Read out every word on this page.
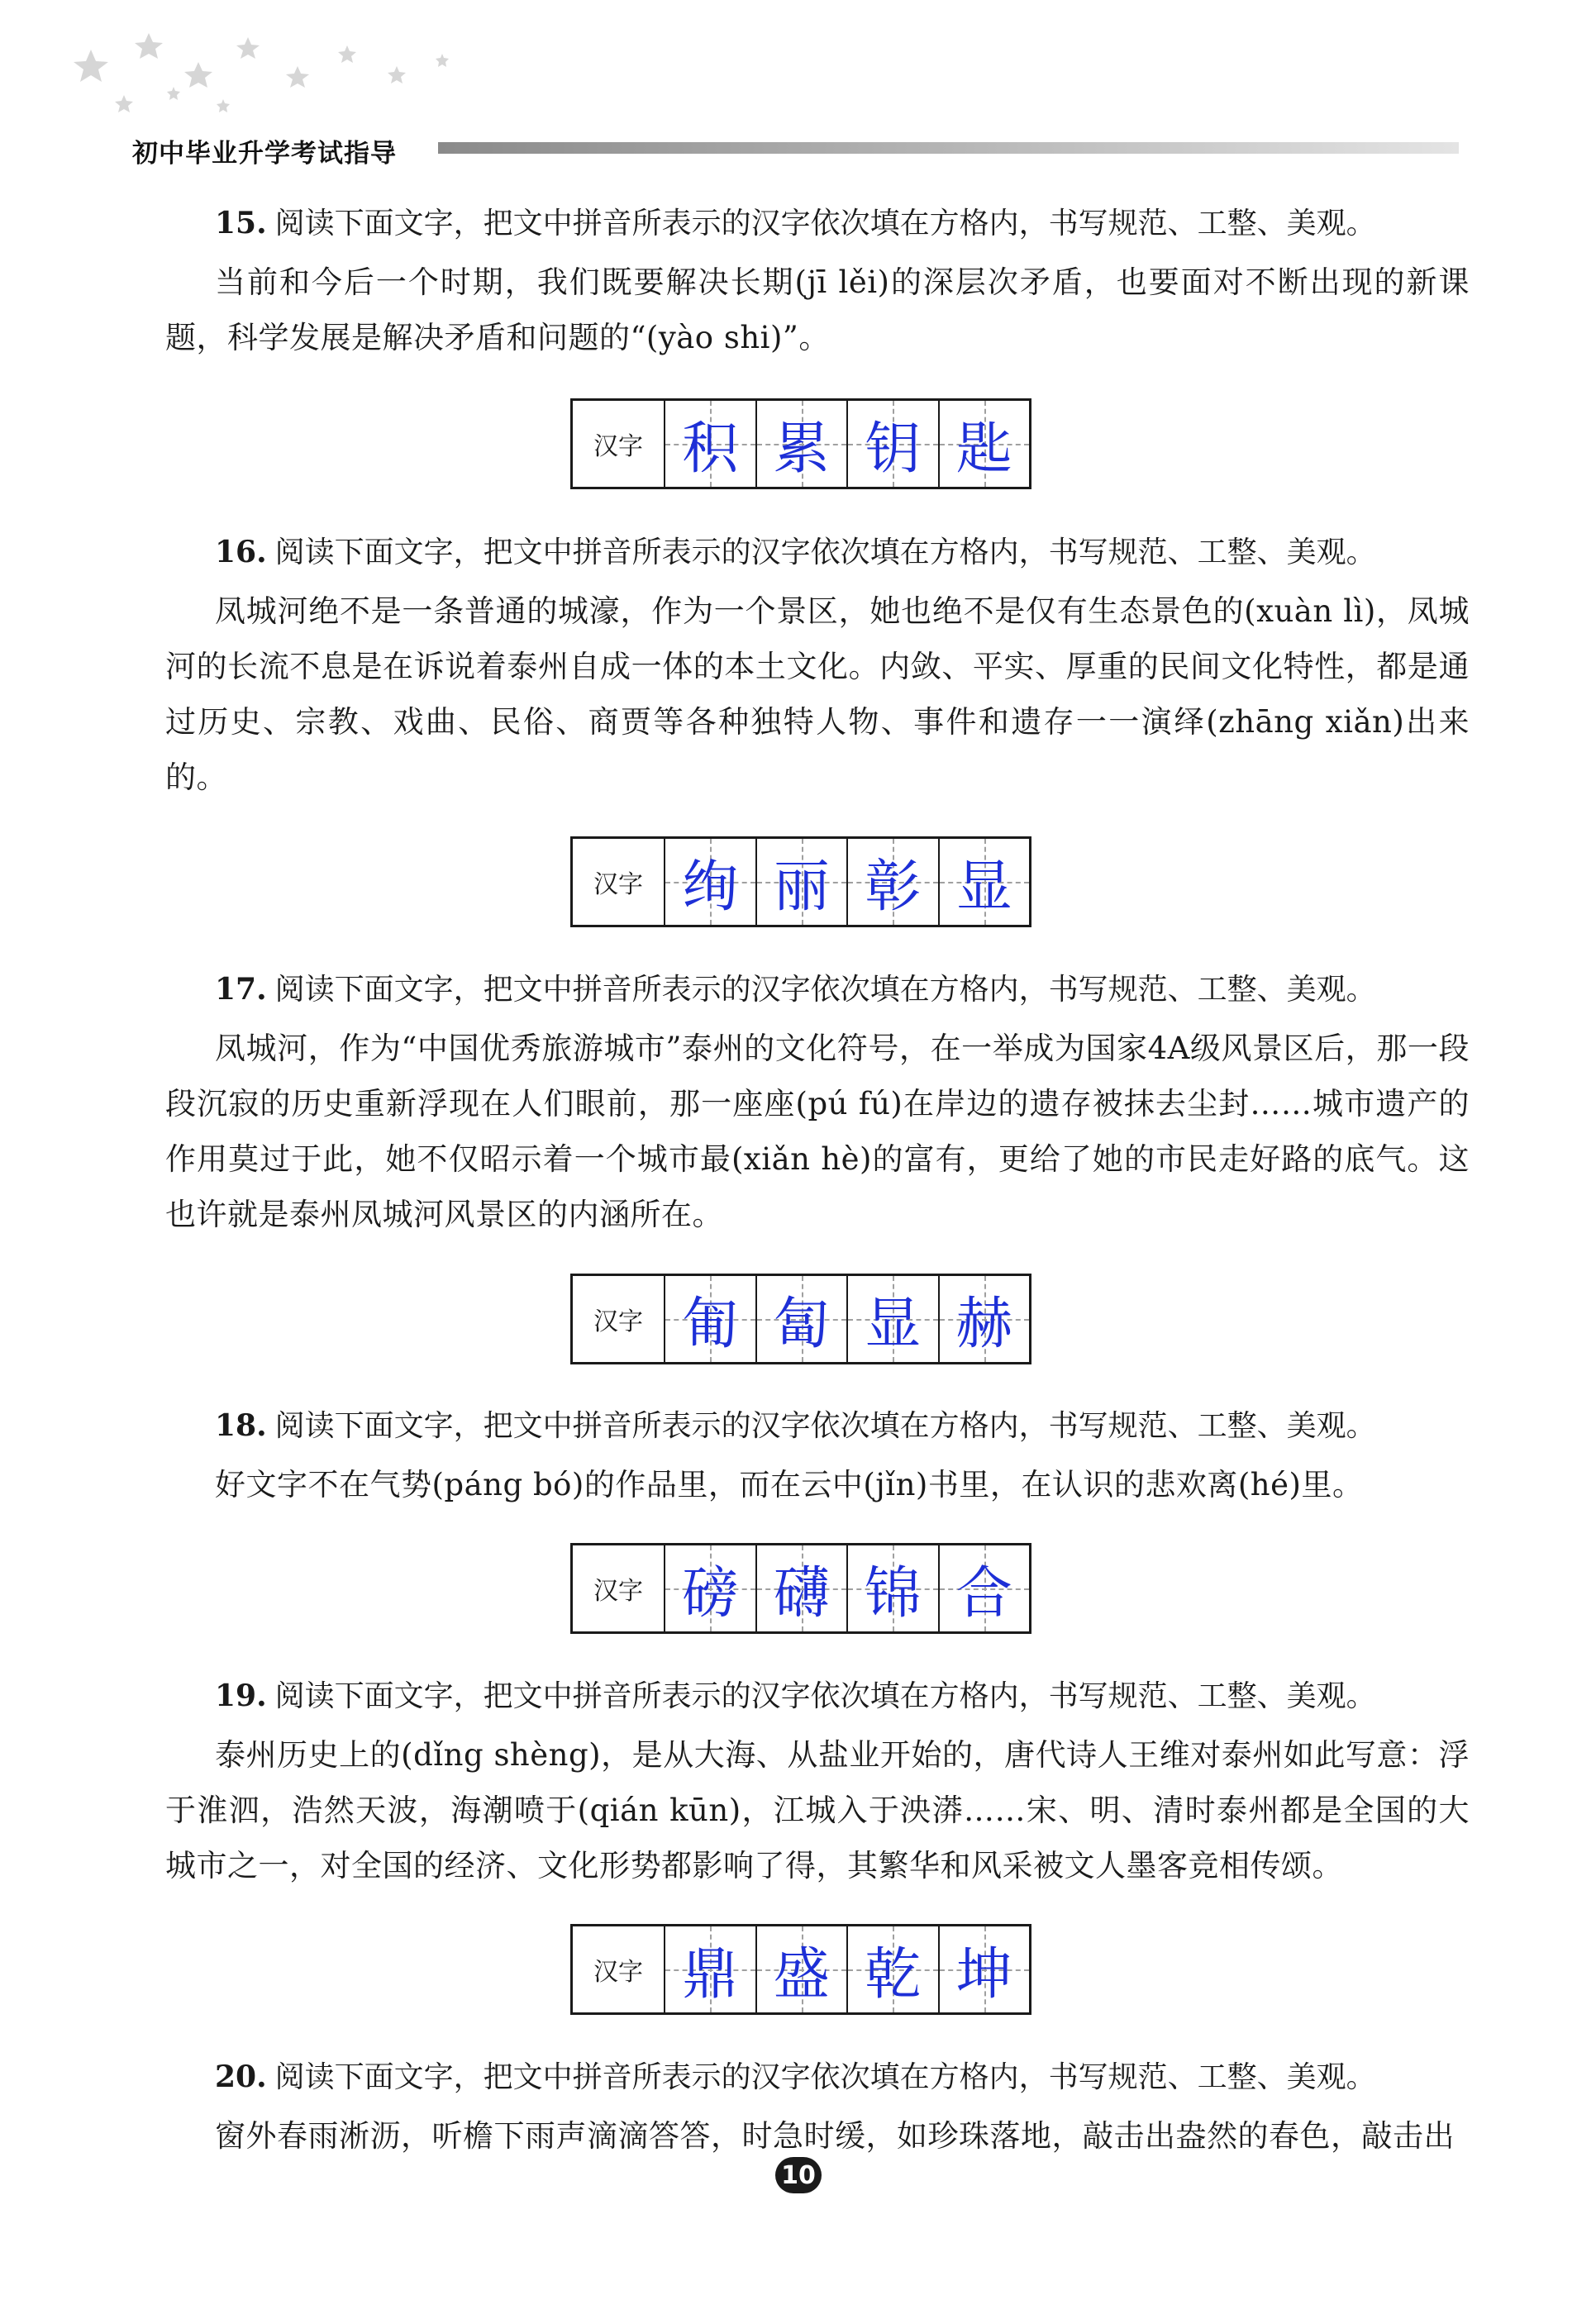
初中毕业升学考试指导
15. 阅读下面文字，把文中拼音所表示的汉字依次填在方格内，书写规范、工整、美观。
当前和今后一个时期，我们既要解决长期(jī lěi)的深层次矛盾，也要面对不断出现的新课题，科学发展是解决矛盾和问题的“(yào shi)”。
汉字 积 累 钥 匙
16. 阅读下面文字，把文中拼音所表示的汉字依次填在方格内，书写规范、工整、美观。
凤城河绝不是一条普通的城濠，作为一个景区，她也绝不是仅有生态景色的(xuàn lì)，凤城河的长流不息是在诉说着泰州自成一体的本土文化。内敛、平实、厚重的民间文化特性，都是通过历史、宗教、戏曲、民俗、商贾等各种独特人物、事件和遗存一一演绎(zhāng xiǎn)出来的。
汉字 绚 丽 彰 显
17. 阅读下面文字，把文中拼音所表示的汉字依次填在方格内，书写规范、工整、美观。
凤城河，作为“中国优秀旅游城市”泰州的文化符号，在一举成为国家4A级风景区后，那一段段沉寂的历史重新浮现在人们眼前，那一座座(pú fú)在岸边的遗存被抹去尘封……城市遗产的作用莫过于此，她不仅昭示着一个城市最(xiǎn hè)的富有，更给了她的市民走好路的底气。这也许就是泰州凤城河风景区的内涵所在。
汉字 匍 匐 显 赫
18. 阅读下面文字，把文中拼音所表示的汉字依次填在方格内，书写规范、工整、美观。
好文字不在气势(páng bó)的作品里，而在云中(jǐn)书里，在认识的悲欢离(hé)里。
汉字 磅 礴 锦 合
19. 阅读下面文字，把文中拼音所表示的汉字依次填在方格内，书写规范、工整、美观。
泰州历史上的(dǐng shèng)，是从大海、从盐业开始的，唐代诗人王维对泰州如此写意：浮于淮泗，浩然天波，海潮喷于(qián kūn)，江城入于泱漭……宋、明、清时泰州都是全国的大城市之一，对全国的经济、文化形势都影响了得，其繁华和风采被文人墨客竞相传颂。
汉字 鼎 盛 乾 坤
20. 阅读下面文字，把文中拼音所表示的汉字依次填在方格内，书写规范、工整、美观。
窗外春雨淅沥，听檐下雨声滴滴答答，时急时缓，如珍珠落地，敲击出盎然的春色，敲击出
10
